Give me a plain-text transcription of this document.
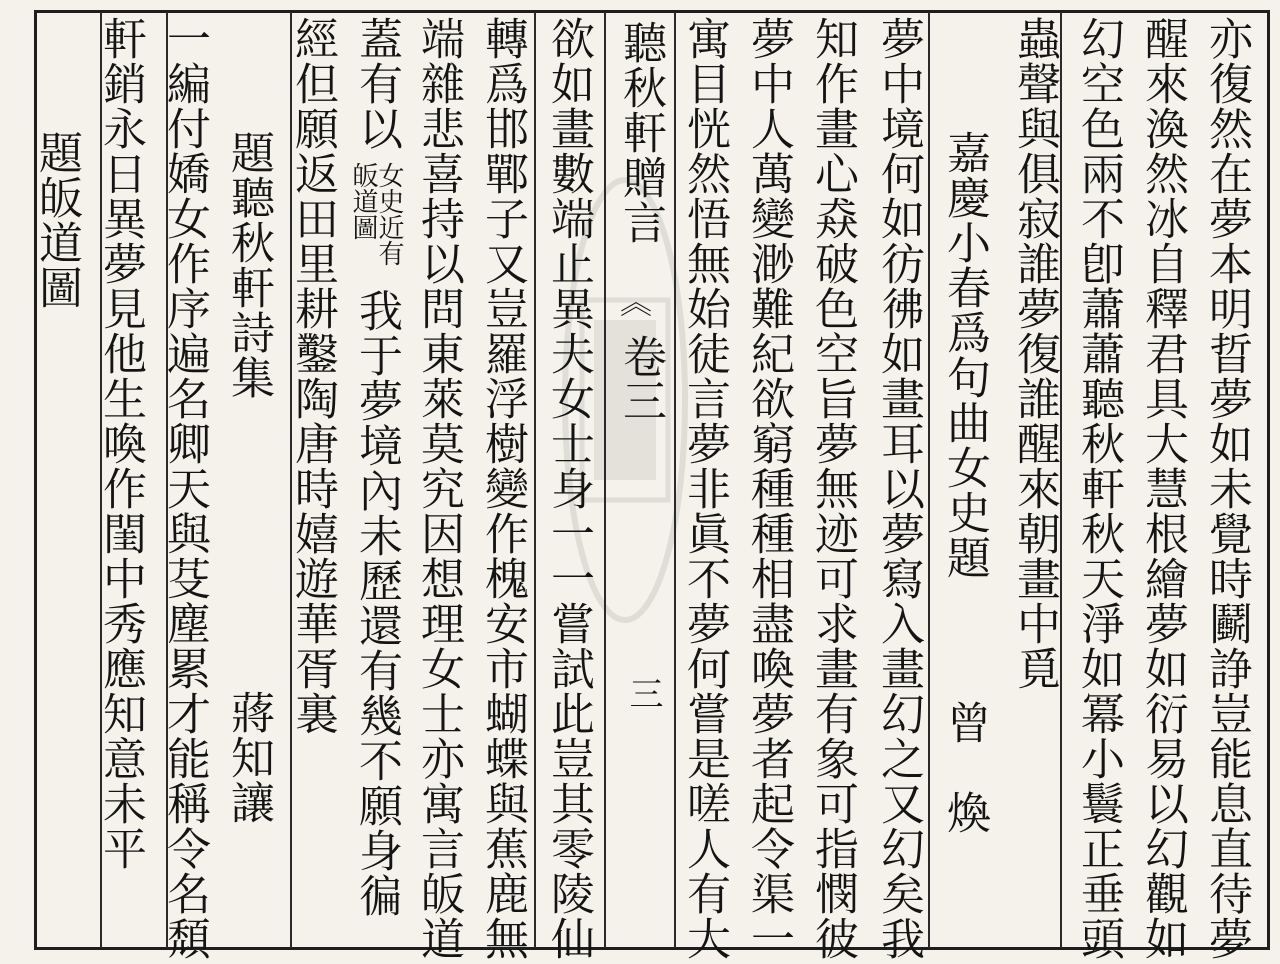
亦復然在夢本明晢夢如未覺時鬬諍豈能息直待夢
醒來渙然冰自釋君具大慧根繪夢如衍易以幻觀如
幻空色兩不卽蕭蕭聽秋軒秋天淨如冪小鬟正垂頭
蟲聲與俱寂誰夢復誰醒來朝畫中覓
嘉慶小春爲句曲女史題
曾　煥
夢中境何如彷彿如畫耳以夢寫入畫幻之又幻矣我
知作畫心猋破色空旨夢無迹可求畫有象可指憫彼
夢中人萬變渺難紀欲窮種種相盡喚夢者起令渠一
寓目恍然悟無始徒言夢非眞不夢何嘗是嗟人有大
聽秋軒贈言
︽
卷三
三
欲如畫數端止異夫女士身一一嘗試此豈其零陵仙
轉爲邯鄲子又豈羅浮樹變作槐安市蝴蝶與蕉鹿無
端雜悲喜持以問東萊莫究因想理女士亦寓言皈道
蓋有以
女史近有
皈道圖
我于夢境內未歷還有幾不願身徧
經但願返田里耕鑿陶唐時嬉遊華胥裏
題聽秋軒詩集
蔣知讓
一編付嬌女作序遍名卿天與芟塵累才能稱令名頹
軒銷永日異夢見他生喚作閨中秀應知意未平
題皈道圖
